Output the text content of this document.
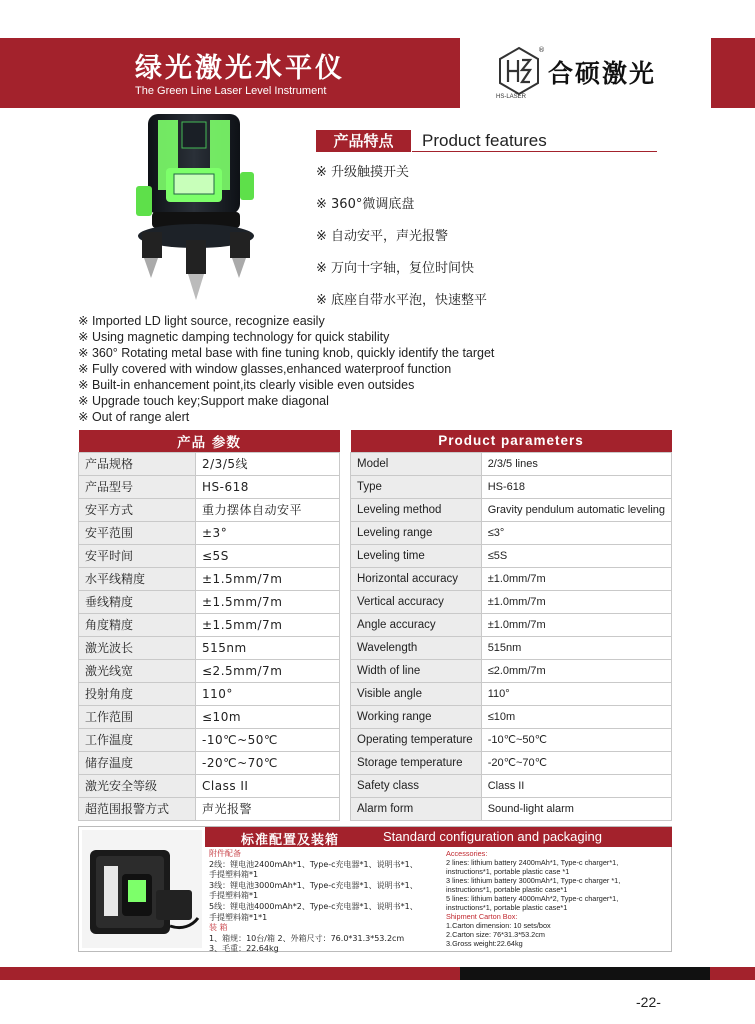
绿光激光水平仪
The Green Line Laser Level Instrument
®
HS-LASER
合硕激光
产品特点	Product features
※ 升级触摸开关
※ 360°微调底盘
※ 自动安平，声光报警
※ 万向十字轴，复位时间快
※ 底座自带水平泡，快速整平
※ Imported LD light source, recognize easily
※ Using magnetic damping technology for quick stability
※ 360° Rotating metal base with fine tuning knob, quickly identify the target
※ Fully covered with window glasses,enhanced waterproof function
※ Built-in enhancement point,its clearly visible even outsides
※ Upgrade touch key;Support make diagonal
※ Out of range alert
产品 参数	
产品规格	2/3/5线
产品型号	HS-618
安平方式	重力摆体自动安平
安平范围	±3°
安平时间	≤5S
水平线精度	±1.5mm/7m
垂线精度	±1.5mm/7m
角度精度	±1.5mm/7m
激光波长	515nm
激光线宽	≤2.5mm/7m
投射角度	110°
工作范围	≤10m
工作温度	-10℃~50℃
储存温度	-20℃~70℃
激光安全等级	Class II
超范围报警方式	声光报警
Product parameters	
Model	2/3/5 lines
Type	HS-618
Leveling method	Gravity pendulum automatic leveling
Leveling range	≤3°
Leveling time	≤5S
Horizontal accuracy	±1.0mm/7m
Vertical accuracy	±1.0mm/7m
Angle accuracy	±1.0mm/7m
Wavelength	515nm
Width of line	≤2.0mm/7m
Visible angle	110°
Working range	≤10m
Operating temperature	-10℃~50℃
Storage temperature	-20℃~70℃
Safety class	Class II
Alarm form	Sound-light alarm
标准配置及装箱	Standard configuration and packaging
附件配备
2线：锂电池2400mAh*1、Type-c充电器*1、说明书*1、
手提塑料箱*1
3线：锂电池3000mAh*1、Type-c充电器*1、说明书*1、
手提塑料箱*1
5线：锂电池4000mAh*2、Type-c充电器*1、说明书*1、
手提塑料箱*1*1
装 箱
1、箱规：10台/箱 2、外箱尺寸：76.0*31.3*53.2cm
3、毛重：22.64kg
Accessories:
2 lines: lithium battery 2400mAh*1, Type-c charger*1,
instructions*1, portable plastic case *1
3 lines: lithium battery 3000mAh*1, Type-c charger *1,
instructions*1, portable plastic case*1
5 lines: lithium battery 4000mAh*2, Type-c charger*1,
instructions*1, portable plastic case*1
Shipment Carton Box:
1.Carton dimension: 10 sets/box
2.Carton size: 76*31.3*53.2cm
3.Gross weight:22.64kg
-22-
